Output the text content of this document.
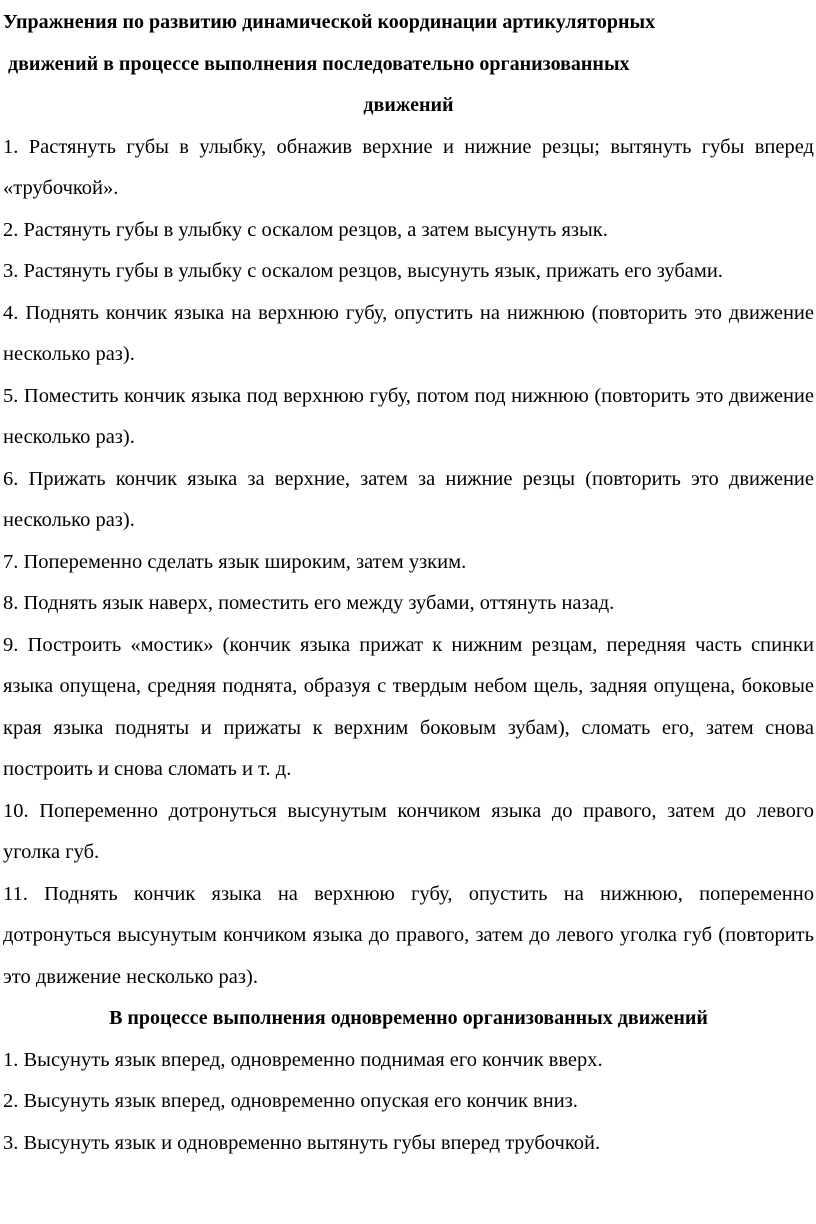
Упражнения по развитию динамической координации артикуляторных
движений в процессе выполнения последовательно организованных
движений

1. Растянуть губы в улыбку, обнажив верхние и нижние резцы; вытянуть губы вперед «трубочкой».

2. Растянуть губы в улыбку с оскалом резцов, а затем высунуть язык.

3. Растянуть губы в улыбку с оскалом резцов, высунуть язык, прижать его зубами.

4. Поднять кончик языка на верхнюю губу, опустить на нижнюю (повторить это движение несколько раз).

5. Поместить кончик языка под верхнюю губу, потом под нижнюю (повторить это движение несколько раз).

6. Прижать кончик языка за верхние, затем за нижние резцы (повторить это движение несколько раз).

7. Попеременно сделать язык широким, затем узким.

8. Поднять язык наверх, поместить его между зубами, оттянуть назад.

9. Построить «мостик» (кончик языка прижат к нижним резцам, передняя часть спинки языка опущена, средняя поднята, образуя с твердым небом щель, задняя опущена, боковые края языка подняты и прижаты к верхним боковым зубам), сломать его, затем снова построить и снова сломать и т. д.

10. Попеременно дотронуться высунутым кончиком языка до правого, затем до левого уголка губ.

11. Поднять кончик языка на верхнюю губу, опустить на нижнюю, попеременно дотронуться высунутым кончиком языка до правого, затем до левого уголка губ (повторить это движение несколько раз).

В процессе выполнения одновременно организованных движений

1. Высунуть язык вперед, одновременно поднимая его кончик вверх.

2. Высунуть язык вперед, одновременно опуская его кончик вниз.

3. Высунуть язык и одновременно вытянуть губы вперед трубочкой.
